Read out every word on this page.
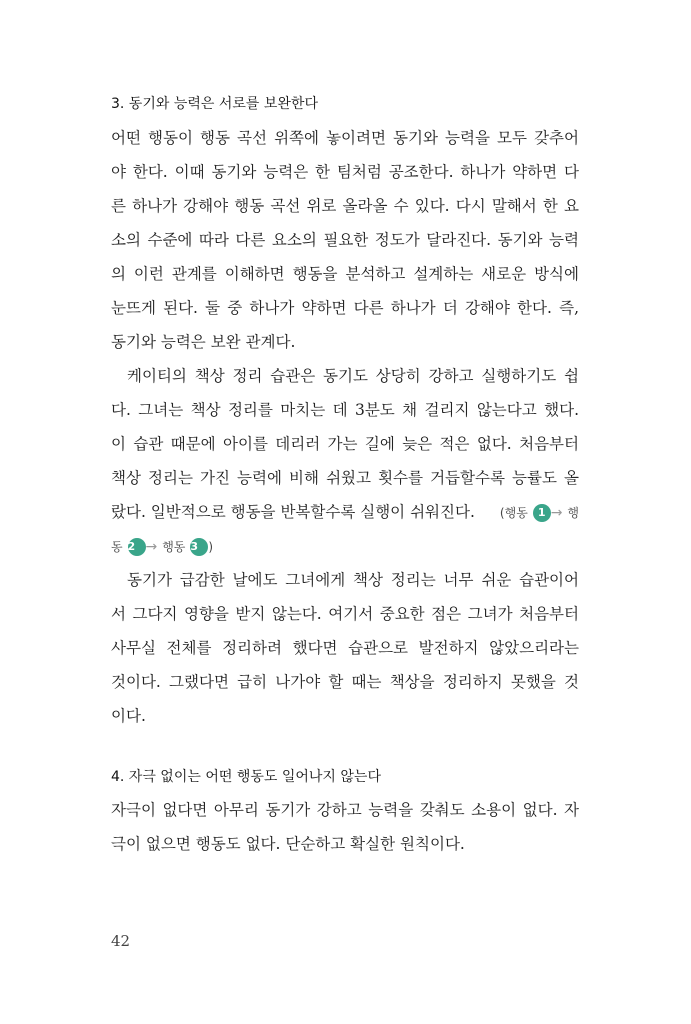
3. 동기와 능력은 서로를 보완한다
어떤 행동이 행동 곡선 위쪽에 놓이려면 동기와 능력을 모두 갖추어
야 한다. 이때 동기와 능력은 한 팀처럼 공조한다. 하나가 약하면 다
른 하나가 강해야 행동 곡선 위로 올라올 수 있다. 다시 말해서 한 요
소의 수준에 따라 다른 요소의 필요한 정도가 달라진다. 동기와 능력
의 이런 관계를 이해하면 행동을 분석하고 설계하는 새로운 방식에
눈뜨게 된다. 둘 중 하나가 약하면 다른 하나가 더 강해야 한다. 즉,
동기와 능력은 보완 관계다.
케이티의 책상 정리 습관은 동기도 상당히 강하고 실행하기도 쉽
다. 그녀는 책상 정리를 마치는 데 3분도 채 걸리지 않는다고 했다.
이 습관 때문에 아이를 데리러 가는 길에 늦은 적은 없다. 처음부터
책상 정리는 가진 능력에 비해 쉬웠고 횟수를 거듭할수록 능률도 올
랐다. 일반적으로 행동을 반복할수록 실행이 쉬워진다. (행동 1 → 행
동 2 → 행동 3 )
동기가 급감한 날에도 그녀에게 책상 정리는 너무 쉬운 습관이어
서 그다지 영향을 받지 않는다. 여기서 중요한 점은 그녀가 처음부터
사무실 전체를 정리하려 했다면 습관으로 발전하지 않았으리라는
것이다. 그랬다면 급히 나가야 할 때는 책상을 정리하지 못했을 것
이다.
4. 자극 없이는 어떤 행동도 일어나지 않는다
자극이 없다면 아무리 동기가 강하고 능력을 갖춰도 소용이 없다. 자
극이 없으면 행동도 없다. 단순하고 확실한 원칙이다.
42
